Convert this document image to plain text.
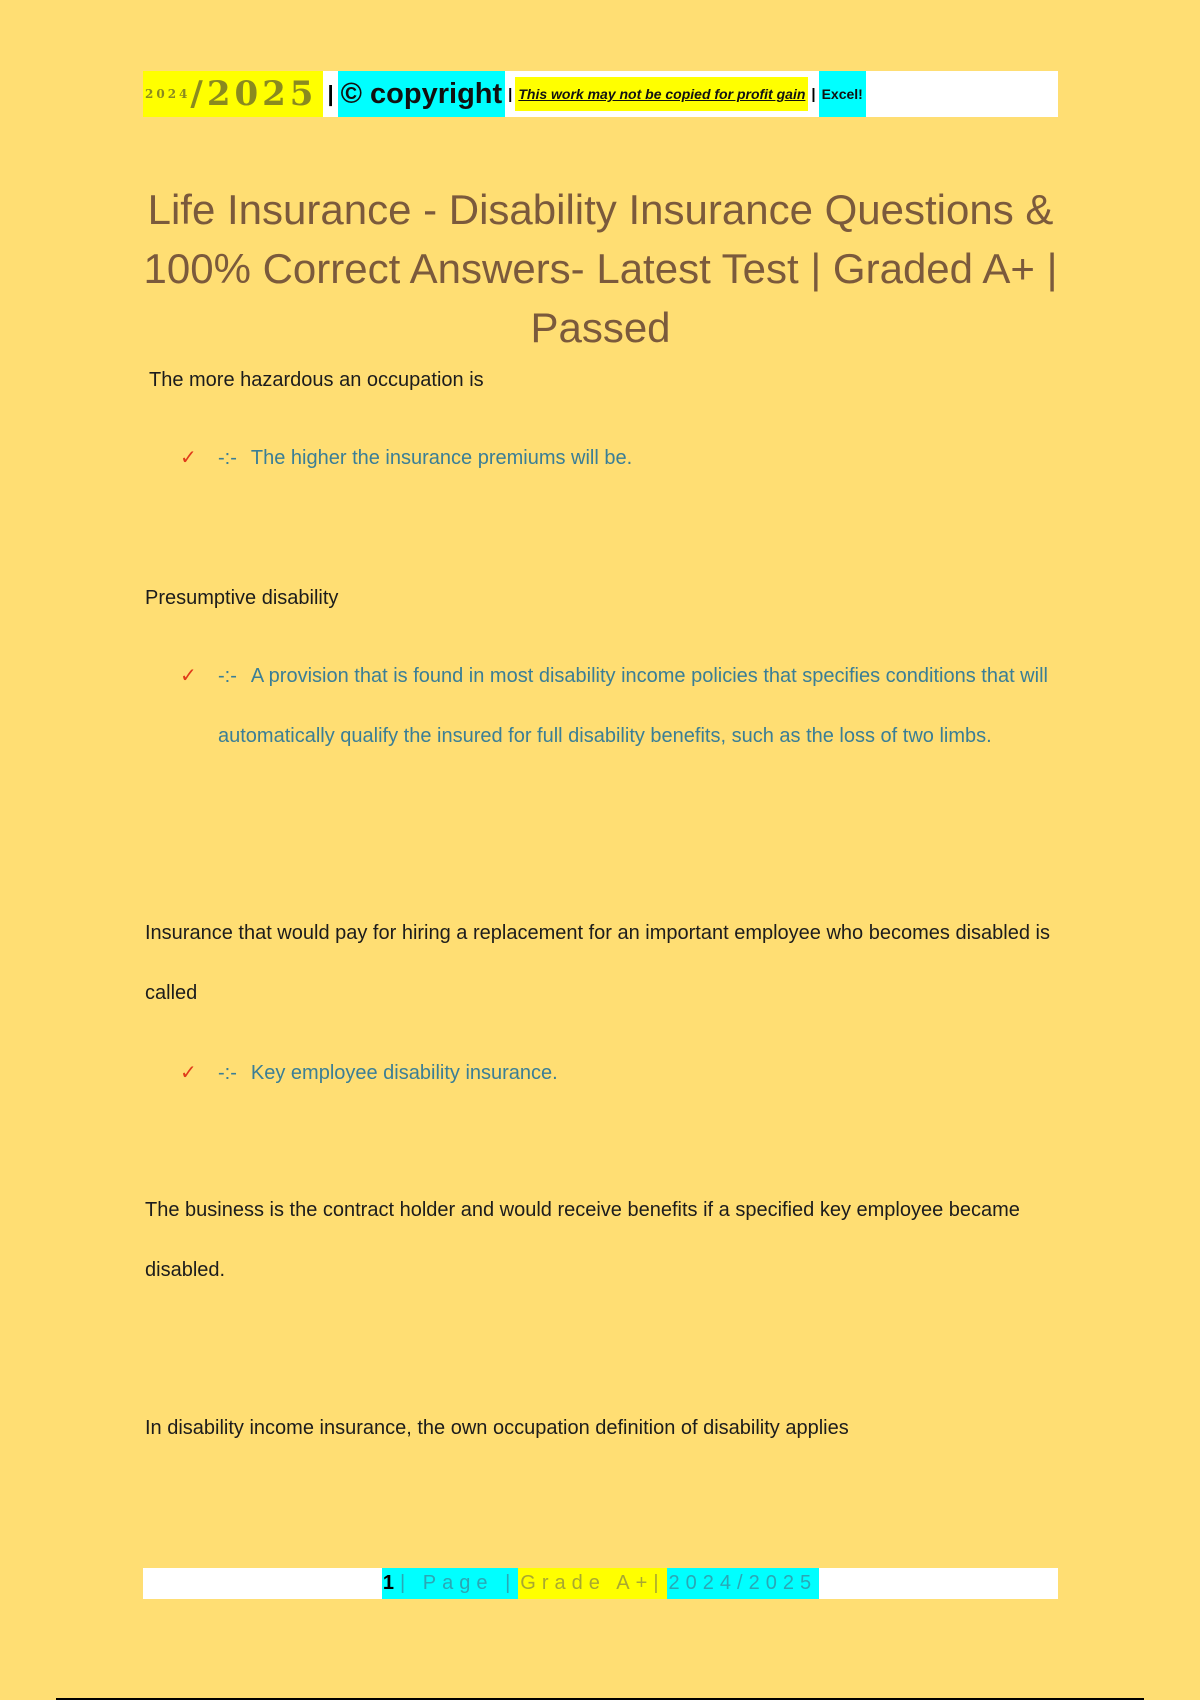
2024 /2025 | © copyright | This work may not be copied for profit gain | Excel!
Life Insurance - Disability Insurance Questions & 100% Correct Answers- Latest Test | Graded A+ | Passed
The more hazardous an occupation is
✓	-:- The higher the insurance premiums will be.
Presumptive disability
✓	-:- A provision that is found in most disability income policies that specifies conditions that will automatically qualify the insured for full disability benefits, such as the loss of two limbs.
Insurance that would pay for hiring a replacement for an important employee who becomes disabled is called
✓	-:- Key employee disability insurance.
The business is the contract holder and would receive benefits if a specified key employee became disabled.
In disability income insurance, the own occupation definition of disability applies
1 | Page | Grade A+| 2024/2025
